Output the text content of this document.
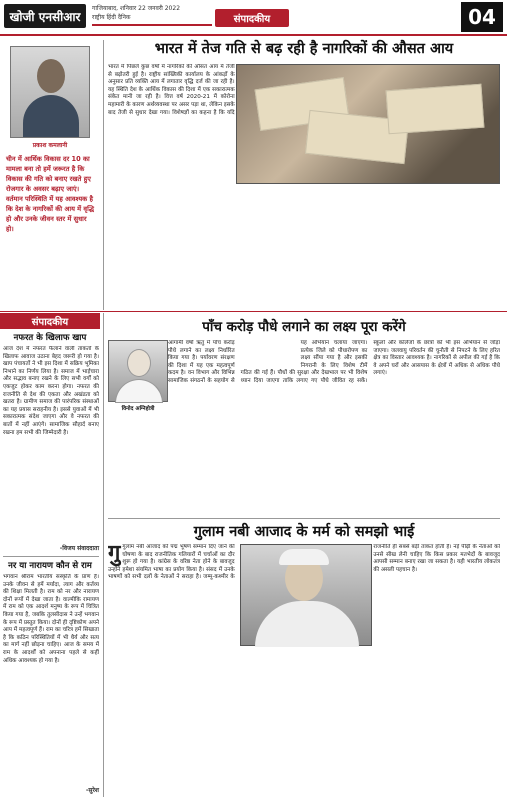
खोजी एनसीआर
गाजियाबाद, शनिवार 22 जनवरी 2022
राष्ट्रीय हिंदी दैनिक	संपादकीय	04
प्रकाश कमलानी
चीन में आर्थिक विकास दर 10 का मामला बना तो हमें जरूरत है कि विकास की गति को बनाए रखते हुए रोजगार के अवसर बढ़ाए जाएं। वर्तमान परिस्थिति में यह आवश्यक है कि देश के नागरिकों की आय में वृद्धि हो और उनके जीवन स्तर में सुधार हो।
भारत में तेज गति से बढ़ रही है नागरिकों की औसत आय
भारत में पिछले कुछ वर्षों में नागरिकों की औसत आय में तेजी से बढ़ोतरी हुई है। राष्ट्रीय सांख्यिकी कार्यालय के आंकड़ों के अनुसार प्रति व्यक्ति आय में लगातार वृद्धि दर्ज की जा रही है। यह स्थिति देश के आर्थिक विकास की दिशा में एक सकारात्मक संकेत मानी जा रही है। वित्त वर्ष 2020-21 में कोरोना महामारी के कारण अर्थव्यवस्था पर असर पड़ा था, लेकिन इसके बाद तेजी से सुधार देखा गया। विशेषज्ञों का कहना है कि यदि
संपादकीय
नफरत के खिलाफ खाप
आज देश में नफरत फैलाने वाली ताकतों के खिलाफ आवाज उठाना बेहद जरूरी हो गया है। खाप पंचायतों ने भी इस दिशा में सक्रिय भूमिका निभाने का निर्णय लिया है। समाज में भाईचारा और सद्भाव बनाए रखने के लिए सभी वर्गों को एकजुट होकर काम करना होगा। नफरत की राजनीति से देश की एकता और अखंडता को खतरा है। ग्रामीण समाज की पारंपरिक संस्थाओं का यह प्रयास सराहनीय है। इससे युवाओं में भी सकारात्मक संदेश जाएगा और वे नफरत की बातों में नहीं आएंगे। सामाजिक सौहार्द बनाए रखना हम सभी की जिम्मेदारी है।
-विजय संवाददाता
नर या नारायण कौन से राम
भगवान श्रीराम भारतीय संस्कृति के प्राण हैं। उनके जीवन से हमें मर्यादा, त्याग और कर्तव्य की शिक्षा मिलती है। राम को नर और नारायण दोनों रूपों में देखा जाता है। वाल्मीकि रामायण में राम को एक आदर्श मनुष्य के रूप में चित्रित किया गया है, जबकि तुलसीदास ने उन्हें भगवान के रूप में प्रस्तुत किया। दोनों ही दृष्टिकोण अपने आप में महत्वपूर्ण हैं। राम का चरित्र हमें सिखाता है कि कठिन परिस्थितियों में भी धैर्य और सत्य का मार्ग नहीं छोड़ना चाहिए। आज के समय में राम के आदर्शों को अपनाना पहले से कहीं अधिक आवश्यक हो गया है।
-सुरेश
पाँच करोड़ पौधे लगाने का लक्ष्य पूरा करेंगे
आगामी वर्षा ऋतु में पाँच करोड़ पौधे लगाने का लक्ष्य निर्धारित किया गया है। पर्यावरण संरक्षण की दिशा में यह एक महत्वपूर्ण कदम है। वन विभाग और विभिन्न सामाजिक संगठनों के सहयोग से यह अभियान चलाया जाएगा। प्रत्येक जिले को पौधारोपण का लक्ष्य सौंपा गया है और इसकी निगरानी के लिए विशेष टीमें गठित की गई हैं। पौधों की सुरक्षा और देखभाल पर भी विशेष ध्यान दिया जाएगा ताकि लगाए गए पौधे जीवित रह सकें। स्कूलों और कॉलेजों के छात्रों को भी इस अभियान से जोड़ा जाएगा। जलवायु परिवर्तन की चुनौती से निपटने के लिए हरित क्षेत्र का विस्तार आवश्यक है। नागरिकों से अपील की गई है कि वे अपने घरों और आसपास के क्षेत्रों में अधिक से अधिक पौधे लगाएं।
विनोद अग्निहोत्री
गुलाम नबी आजाद के मर्म को समझो भाई
गु गुलाम नबी आजाद को पद्म भूषण सम्मान दिए जाने की घोषणा के बाद राजनीतिक गलियारों में चर्चाओं का दौर शुरू हो गया है। कांग्रेस के वरिष्ठ नेता होने के बावजूद उन्होंने हमेशा संयमित भाषा का प्रयोग किया है। संसद में उनके भाषणों को सभी दलों के नेताओं ने सराहा है। जम्मू-कश्मीर के राजनीति ही सबसे बड़ी ताकत होती है। नई पीढ़ी के नेताओं को उनसे सीख लेनी चाहिए कि किस प्रकार मतभेदों के बावजूद आपसी सम्मान बनाए रखा जा सकता है। यही भारतीय लोकतंत्र की असली पहचान है।
